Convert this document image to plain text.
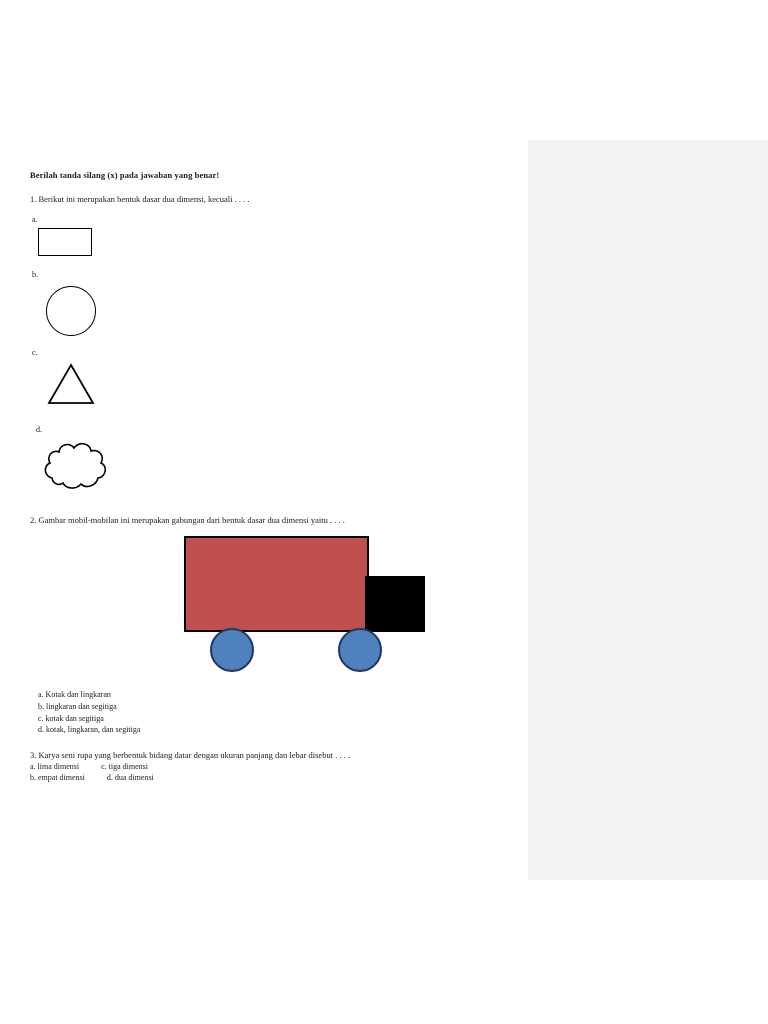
Berilah tanda silang (x) pada jawaban yang benar!

1. Berikut ini merupakan bentuk dasar dua dimensi, kecuali . . . .

a.

b.

c.

d.

2. Gambar mobil-mobilan ini merupakan gabungan dari bentuk dasar dua dimensi yaitu . . . .

a. Kotak dan lingkaran

b. lingkaran dan segitiga

c. kotak dan segitiga

d. kotak, lingkaran, dan segitiga

3. Karya seni rupa yang berbentuk bidang datar dengan ukuran panjang dan lebar disebut . . . .

a. lima dimensi	c. tiga dimensi

b. empat dimensi	d. dua dimensi
